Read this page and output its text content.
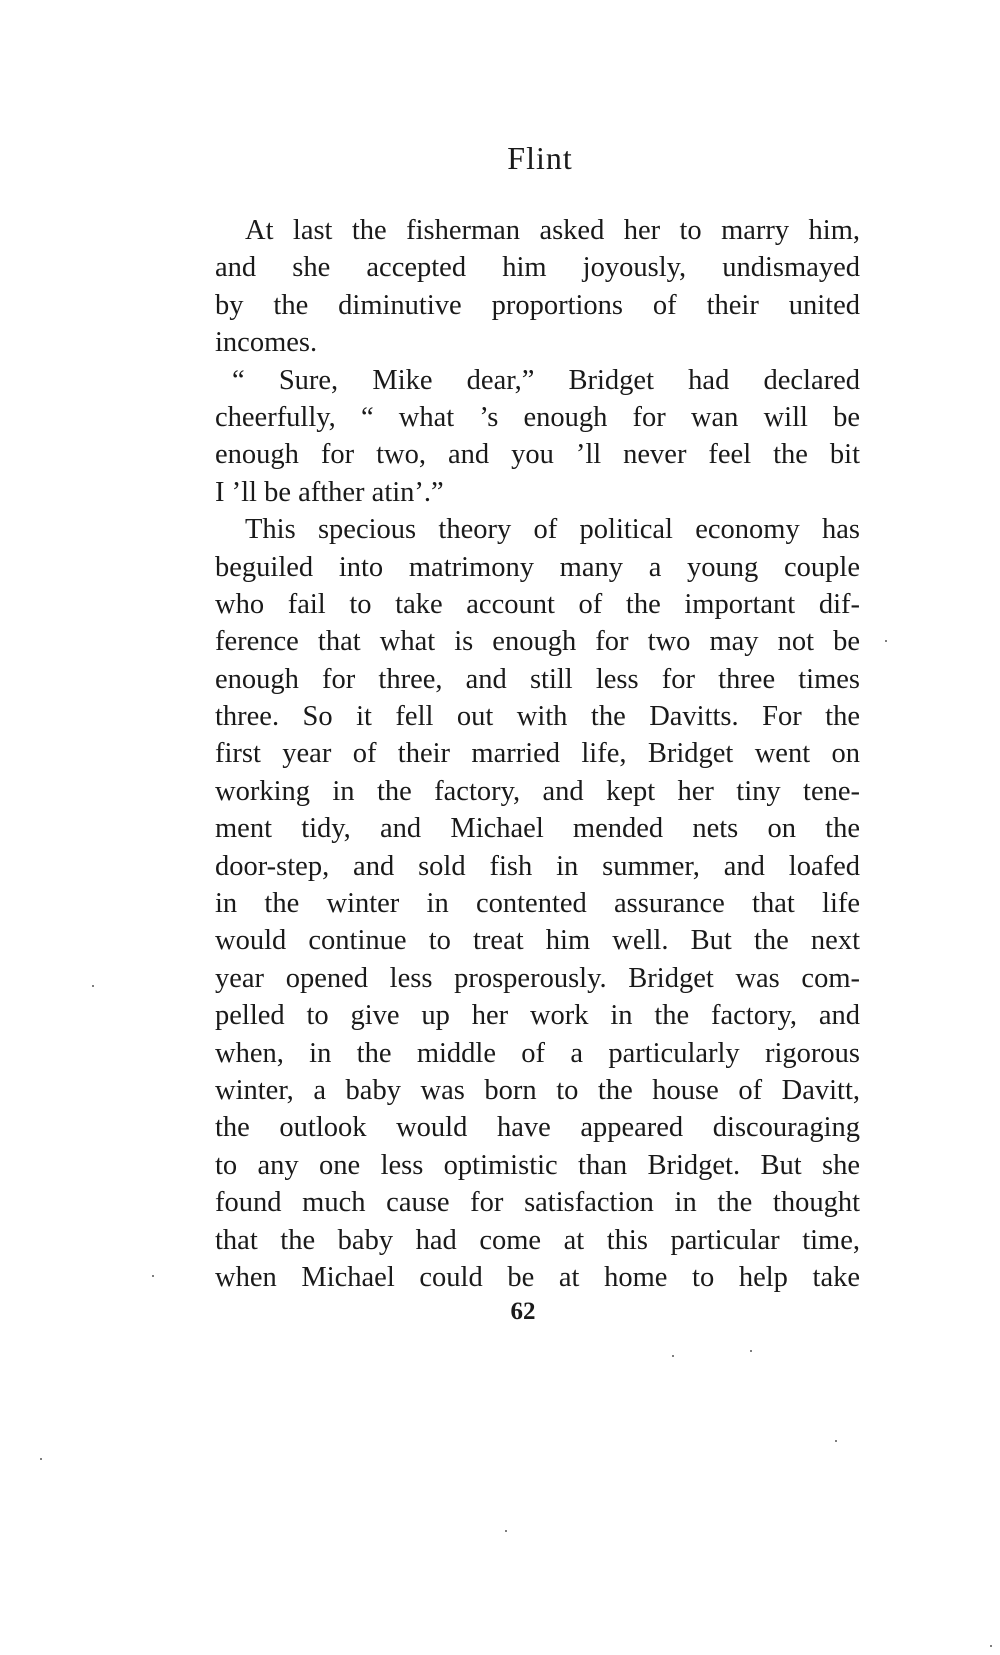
Flint
At last the fisherman asked her to marry him,
and she accepted him joyously, undismayed
by the diminutive proportions of their united
incomes.
“ Sure, Mike dear,” Bridget had declared
cheerfully, “ what ’s enough for wan will be
enough for two, and you ’ll never feel the bit
I ’ll be afther atin’.”
This specious theory of political economy has
beguiled into matrimony many a young couple
who fail to take account of the important dif-
ference that what is enough for two may not be
enough for three, and still less for three times
three. So it fell out with the Davitts. For the
first year of their married life, Bridget went on
working in the factory, and kept her tiny tene-
ment tidy, and Michael mended nets on the
door-step, and sold fish in summer, and loafed
in the winter in contented assurance that life
would continue to treat him well. But the next
year opened less prosperously. Bridget was com-
pelled to give up her work in the factory, and
when, in the middle of a particularly rigorous
winter, a baby was born to the house of Davitt,
the outlook would have appeared discouraging
to any one less optimistic than Bridget. But she
found much cause for satisfaction in the thought
that the baby had come at this particular time,
when Michael could be at home to help take
62
